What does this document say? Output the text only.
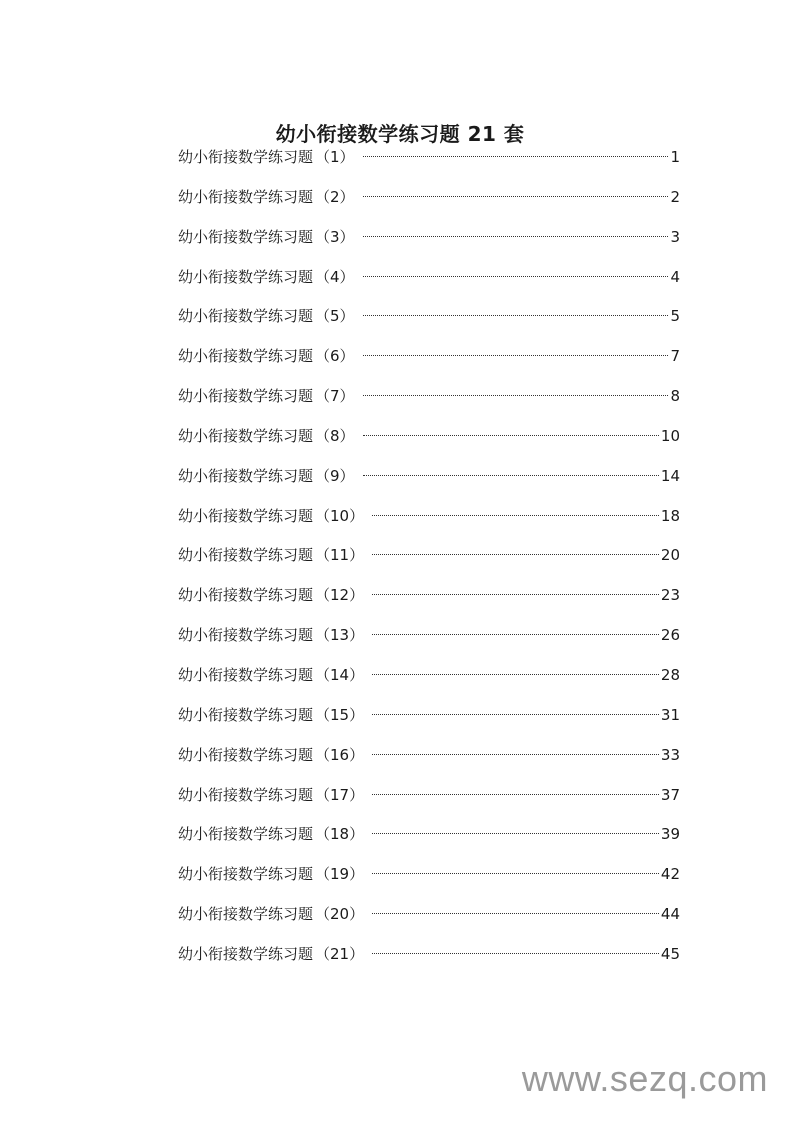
幼小衔接数学练习题 21 套
幼小衔接数学练习题 （1）	1
幼小衔接数学练习题 （2）	2
幼小衔接数学练习题 （3）	3
幼小衔接数学练习题 （4）	4
幼小衔接数学练习题 （5）	5
幼小衔接数学练习题 （6）	7
幼小衔接数学练习题 （7）	8
幼小衔接数学练习题 （8）	10
幼小衔接数学练习题 （9）	14
幼小衔接数学练习题 （10）	18
幼小衔接数学练习题 （11）	20
幼小衔接数学练习题 （12）	23
幼小衔接数学练习题 （13）	26
幼小衔接数学练习题 （14）	28
幼小衔接数学练习题 （15）	31
幼小衔接数学练习题 （16）	33
幼小衔接数学练习题 （17）	37
幼小衔接数学练习题 （18）	39
幼小衔接数学练习题 （19）	42
幼小衔接数学练习题 （20）	44
幼小衔接数学练习题 （21）	45
www.sezq.com
